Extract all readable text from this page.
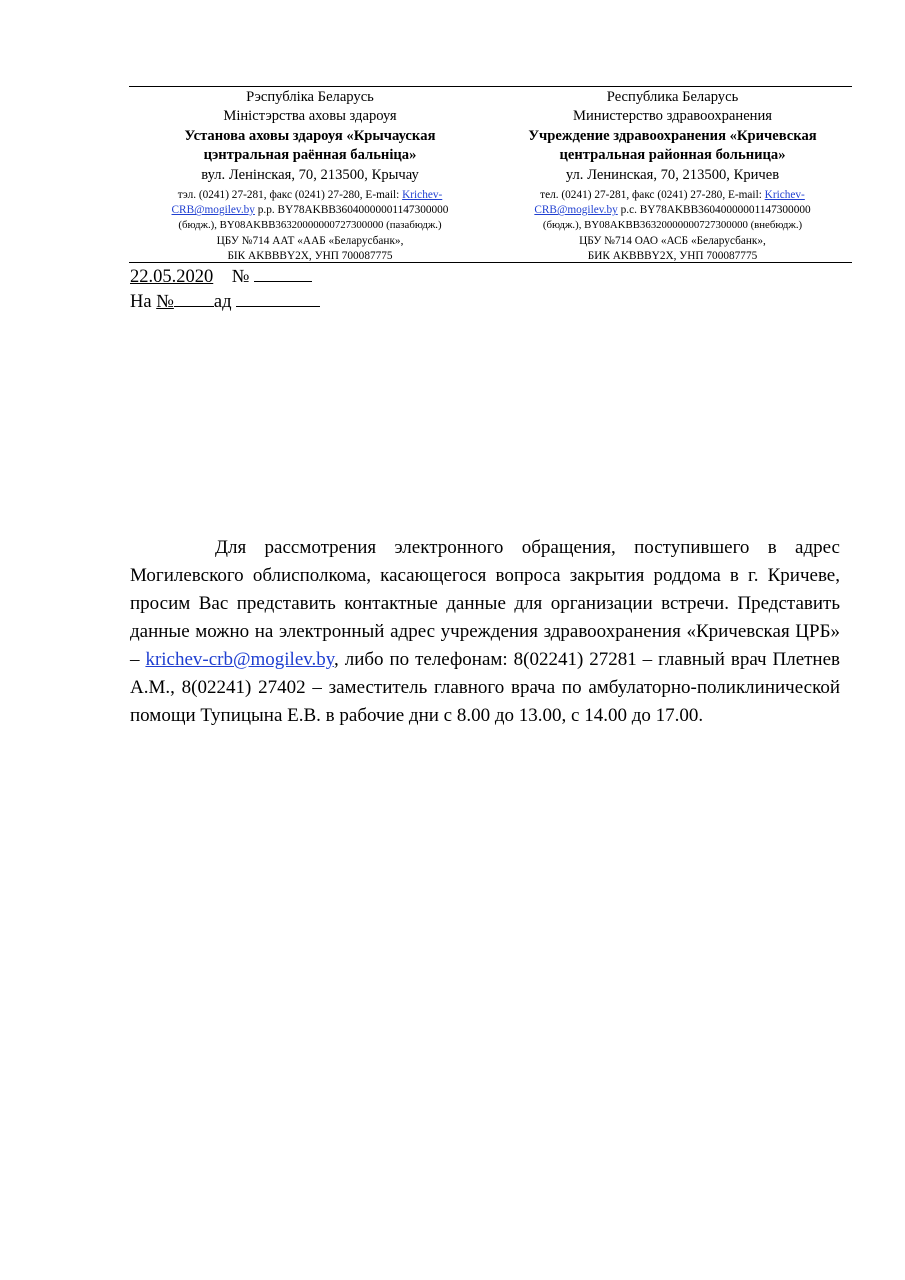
Рэспубліка Беларусь
Міністэрства аховы здароуя
Установа аховы здароуя «Крычаускaя
цэнтральная раённая бальніца»
вул. Ленінская, 70, 213500, Крычау
тэл. (0241) 27-281, факс (0241) 27-280, E-mail: Krichev-
CRB@mogilev.by р.р. BY78AKBB36040000001147300000
(бюдж.), BY08AKBB36320000000727300000 (пазабюдж.)
ЦБУ №714 ААТ «ААБ «Беларусбанк»,
БІК AKBBBY2X, УНП 700087775
Республика Беларусь
Министерство здравоохранения
Учреждение здравоохранения «Кричевская
центральная районная больница»
ул. Ленинская, 70, 213500, Кричев
тел. (0241) 27-281, факс (0241) 27-280, E-mail: Krichev-
CRB@mogilev.by р.с. BY78AKBB36040000001147300000
(бюдж.), BY08AKBB36320000000727300000 (внебюдж.)
ЦБУ №714 ОАО «АСБ «Беларусбанк»,
БИК AKBBBY2X, УНП 700087775
22.05.2020 №
На № ад
Для рассмотрения электронного обращения, поступившего в адрес Могилевского облисполкома, касающегося вопроса закрытия роддома в г. Кричеве, просим Вас представить контактные данные для организации встречи. Представить данные можно на электронный адрес учреждения здравоохранения «Кричевская ЦРБ» – krichev-crb@mogilev.by, либо по телефонам: 8(02241) 27281 – главный врач Плетнев А.М., 8(02241) 27402 – заместитель главного врача по амбулаторно-поликлинической помощи Тупицына Е.В. в рабочие дни с 8.00 до 13.00, с 14.00 до 17.00.
